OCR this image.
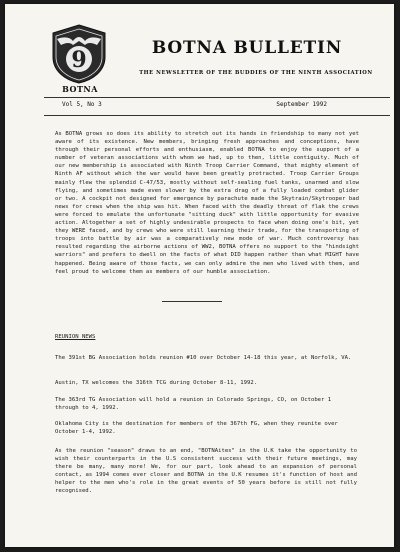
9
BOTNA
BOTNA BULLETIN
THE NEWSLETTER OF THE BUDDIES OF THE NINTH ASSOCIATION
Vol 5, No 3	September 1992
As BOTNA grows so does its ability to stretch out its hands in friendship to many not yet aware of its existence. New members, bringing fresh approaches and conceptions, have through their personal efforts and enthusiasm, enabled BOTNA to enjoy the support of a number of veteran associations with whom we had, up to then, little contiguity. Much of our new membership is associated with Ninth Troop Carrier Command, that mighty element of Ninth AF without which the war would have been greatly protracted. Troop Carrier Groups mainly flew the splendid C-47/53, mostly without self-sealing fuel tanks, unarmed and slow flying, and sometimes made even slower by the extra drag of a fully loaded combat glider or two. A cockpit not designed for emergence by parachute made the Skytrain/Skytrooper bad news for crews when the ship was hit. When faced with the deadly threat of flak the crews were forced to emulate the unfortunate "sitting duck" with little opportunity for evasive action. Altogether a set of highly undesirable prospects to face when doing one's bit, yet they WERE faced, and by crews who were still learning their trade, for the transporting of troops into battle by air was a comparatively new mode of war. Much controversy has resulted regarding the airborne actions of WW2, BOTNA offers no support to the "hindsight warriors" and prefers to dwell on the facts of what DID happen rather than what MIGHT have happened. Being aware of those facts, we can only admire the men who lived with them, and feel proud to welcome them as members of our humble association.
REUNION NEWS
The 391st BG Association holds reunion #10 over October 14-18 this year, at Norfolk, VA.
Austin, TX welcomes the 316th TCG during October 8-11, 1992.
The 363rd TG Association will hold a reunion in Colorado Springs, CO, on October 1 through to 4, 1992.
Oklahoma City is the destination for members of the 367th FG, when they reunite over October 1-4, 1992.
As the reunion "season" draws to an end, "BOTNAites" in the U.K take the opportunity to wish their counterparts in the U.S consistent success with their future meetings, may there be many, many more! We, for our part, look ahead to an expansion of personal contact, as 1994 comes ever closer and BOTNA in the U.K resumes it's function of host and helper to the men who's role in the great events of 50 years before is still not fully recognised.
